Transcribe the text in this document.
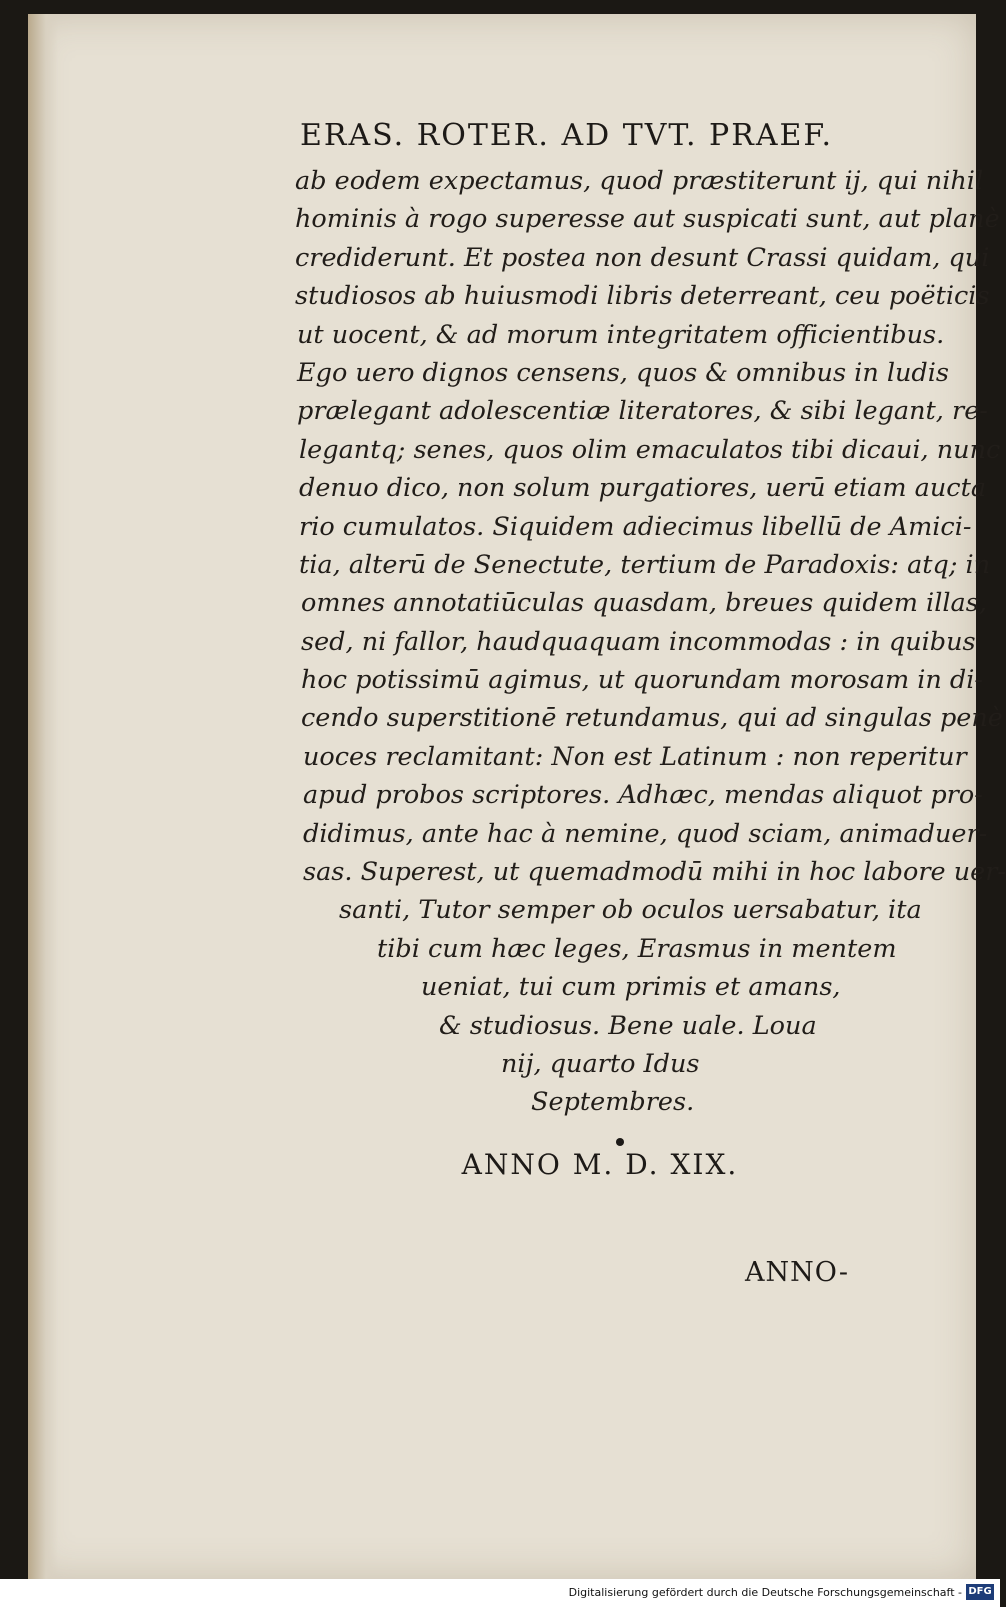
ERAS. ROTER. AD TVT. PRAEF.
ab eodem expectamus, quod præstiterunt ij, qui nihil
hominis à rogo superesse aut suspicati sunt, aut planè
crediderunt. Et postea non desunt Crassi quidam, qui
studiosos ab huiusmodi libris deterreant, ceu poëticis
ut uocent, & ad morum integritatem officientibus.
Ego uero dignos censens, quos & omnibus in ludis
prælegant adolescentiæ literatores, & sibi legant, re-
legantq; senes, quos olim emaculatos tibi dicaui, nunc
denuo dico, non solum purgatiores, uerū etiam aucta
rio cumulatos. Siquidem adiecimus libellū de Amici-
tia, alterū de Senectute, tertium de Paradoxis: atq; in
omnes annotatiūculas quasdam, breues quidem illas,
sed, ni fallor, haudquaquam incommodas : in quibus
hoc potissimū agimus, ut quorundam morosam in di-
cendo superstitionē retundamus, qui ad singulas penè
uoces reclamitant: Non est Latinum : non reperitur
apud probos scriptores. Adhæc, mendas aliquot pro-
didimus, ante hac à nemine, quod sciam, animaduer-
sas. Superest, ut quemadmodū mihi in hoc labore uer-
santi, Tutor semper ob oculos uersabatur, ita
tibi cum hæc leges, Erasmus in mentem
ueniat, tui cum primis et amans,
& studiosus. Bene uale. Loua
nij, quarto Idus
Septembres.
ANNO M. D. XIX.
ANNO-
Digitalisierung gefördert durch die Deutsche Forschungsgemeinschaft - DFG
